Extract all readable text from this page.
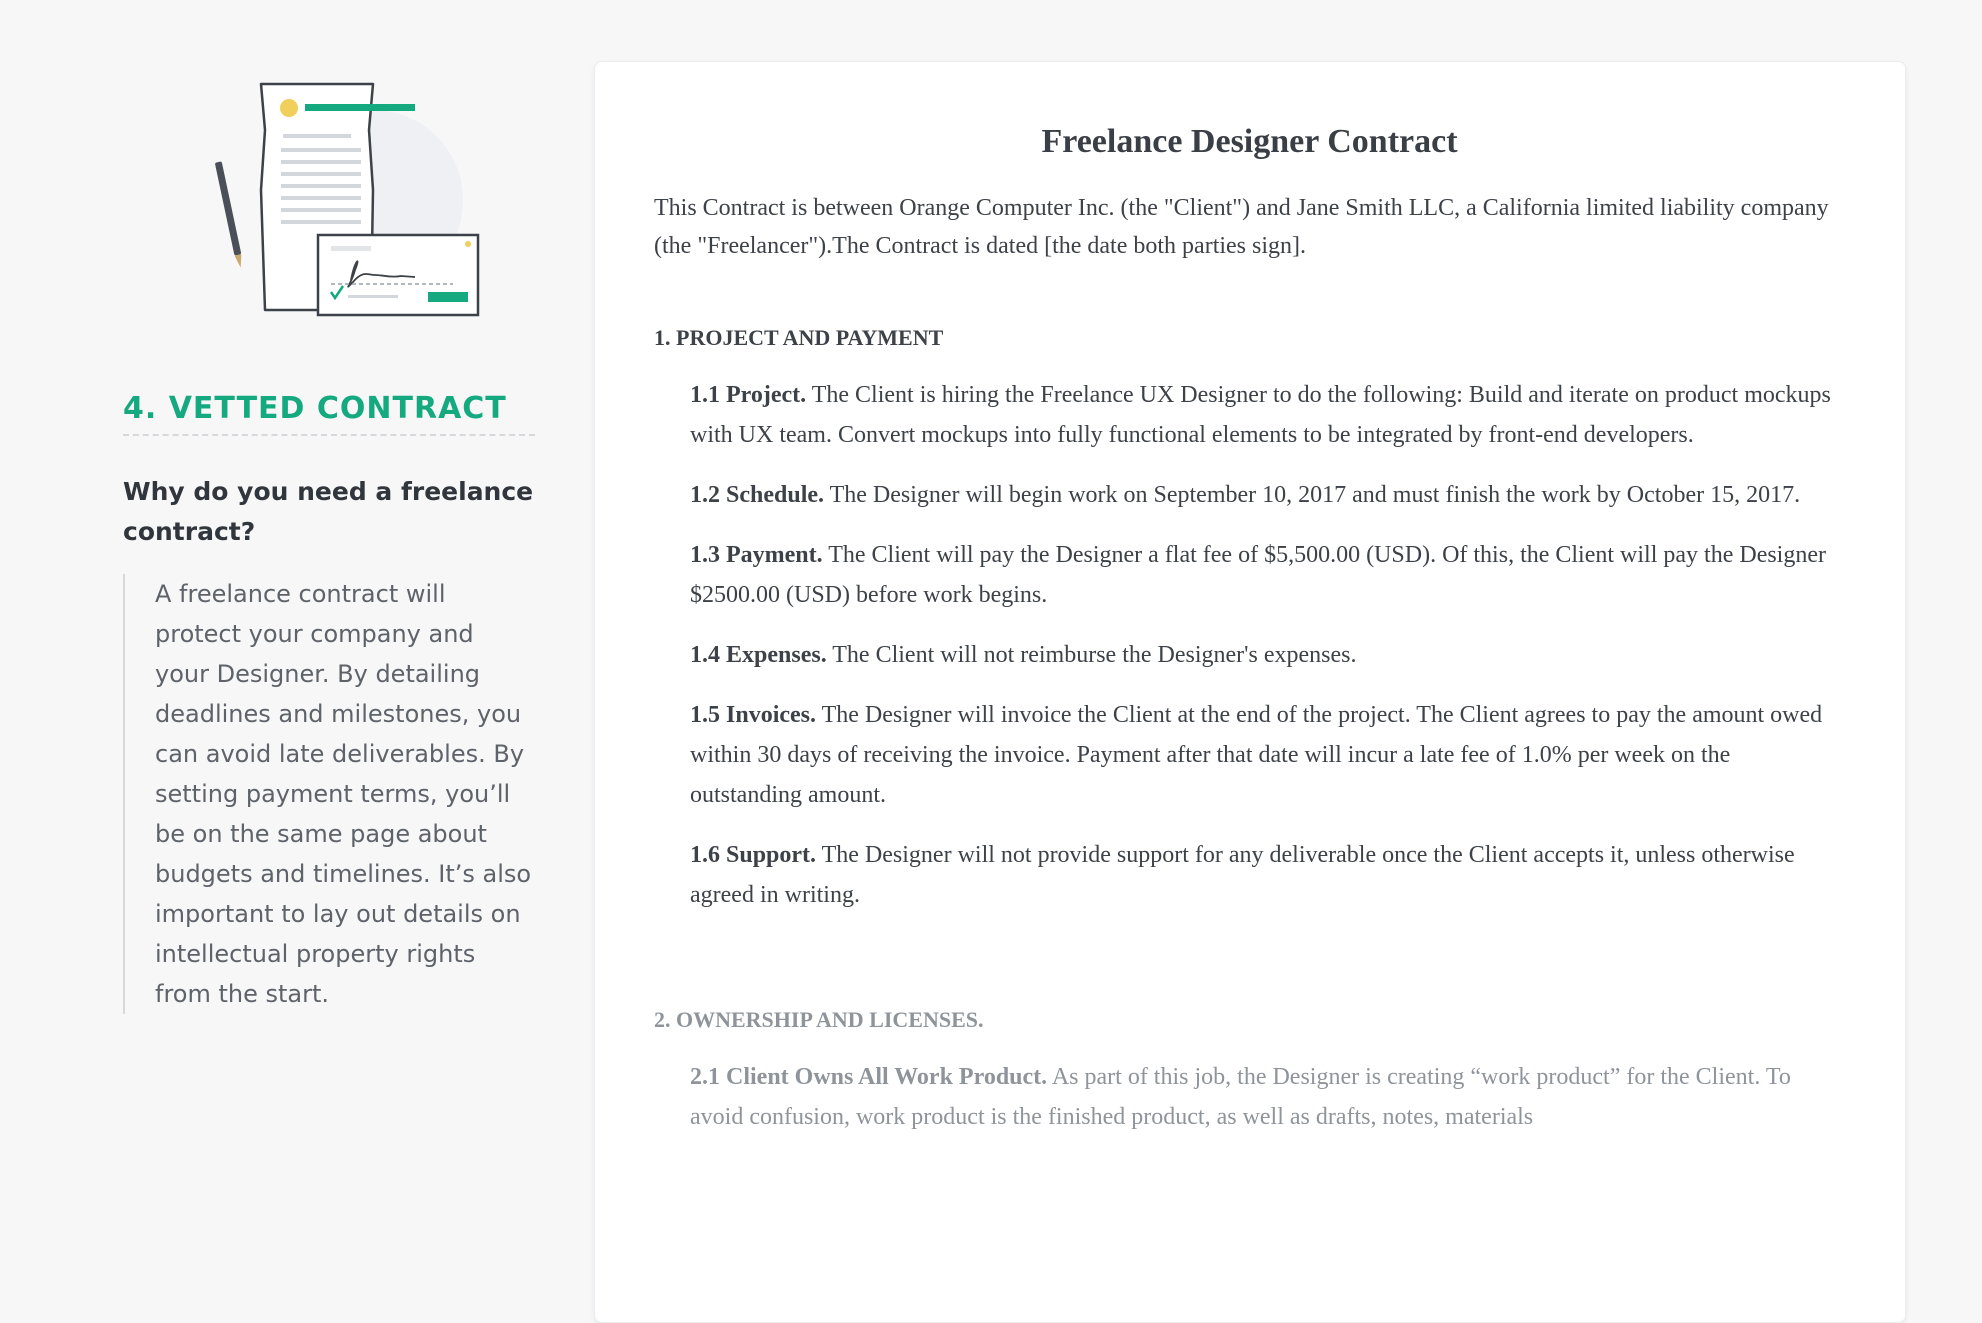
4. VETTED CONTRACT
Why do you need a freelance contract?
A freelance contract will protect your company and your Designer. By detailing deadlines and milestones, you can avoid late deliverables. By setting payment terms, you’ll be on the same page about budgets and timelines. It’s also important to lay out details on intellectual property rights from the start.
Freelance Designer Contract

This Contract is between Orange Computer Inc. (the "Client") and Jane Smith LLC, a California limited liability company (the "Freelancer").The Contract is dated [the date both parties sign].

1. PROJECT AND PAYMENT

1.1 Project. The Client is hiring the Freelance UX Designer to do the following: Build and iterate on product mockups with UX team. Convert mockups into fully functional elements to be integrated by front-end developers.

1.2 Schedule. The Designer will begin work on September 10, 2017 and must finish the work by October 15, 2017.

1.3 Payment. The Client will pay the Designer a flat fee of $5,500.00 (USD). Of this, the Client will pay the Designer $2500.00 (USD) before work begins.

1.4 Expenses. The Client will not reimburse the Designer's expenses.

1.5 Invoices. The Designer will invoice the Client at the end of the project. The Client agrees to pay the amount owed within 30 days of receiving the invoice. Payment after that date will incur a late fee of 1.0% per week on the outstanding amount.

1.6 Support. The Designer will not provide support for any deliverable once the Client accepts it, unless otherwise agreed in writing.

2. OWNERSHIP AND LICENSES.

2.1 Client Owns All Work Product. As part of this job, the Designer is creating “work product” for the Client. To avoid confusion, work product is the finished product, as well as drafts, notes, materials
